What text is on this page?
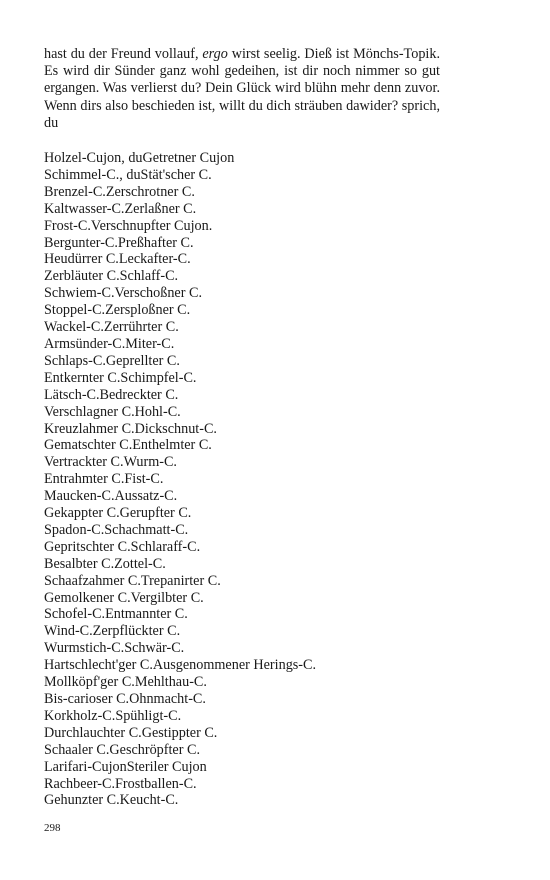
hast du der Freund vollauf, ergo wirst seelig. Dieß ist Mönchs-Topik. Es wird dir Sünder ganz wohl gedeihen, ist dir noch nimmer so gut ergangen. Was verlierst du? Dein Glück wird blühn mehr denn zuvor. Wenn dirs also beschieden ist, willt du dich sträuben dawider? sprich, du

Holzel-Cujon, duGetretner Cujon
Schimmel-C., duStät'scher C.
Brenzel-C.Zerschrotner C.
Kaltwasser-C.Zerlaßner C.
Frost-C.Verschnupfter Cujon.
Bergunter-C.Preßhafter C.
Heudürrer C.Leckafter-C.
Zerbläuter C.Schlaff-C.
Schwiem-C.Verschoßner C.
Stoppel-C.Zersploßner C.
Wackel-C.Zerrührter C.
Armsünder-C.Miter-C.
Schlaps-C.Geprellter C.
Entkernter C.Schimpfel-C.
Lätsch-C.Bedreckter C.
Verschlagner C.Hohl-C.
Kreuzlahmer C.Dickschnut-C.
Gematschter C.Enthelmter C.
Vertrackter C.Wurm-C.
Entrahmter C.Fist-C.
Maucken-C.Aussatz-C.
Gekappter C.Gerupfter C.
Spadon-C.Schachmatt-C.
Gepritschter C.Schlaraff-C.
Besalbter C.Zottel-C.
Schaafzahmer C.Trepanirter C.
Gemolkener C.Vergilbter C.
Schofel-C.Entmannter C.
Wind-C.Zerpflückter C.
Wurmstich-C.Schwär-C.
Hartschlecht'ger C.Ausgenommener Herings-C.
Mollköpf'ger C.Mehlthau-C.
Bis-carioser C.Ohnmacht-C.
Korkholz-C.Spühligt-C.
Durchlauchter C.Gestippter C.
Schaaler C.Geschröpfter C.
Larifari-CujonSteriler Cujon
Rachbeer-C.Frostballen-C.
Gehunzter C.Keucht-C.
298
